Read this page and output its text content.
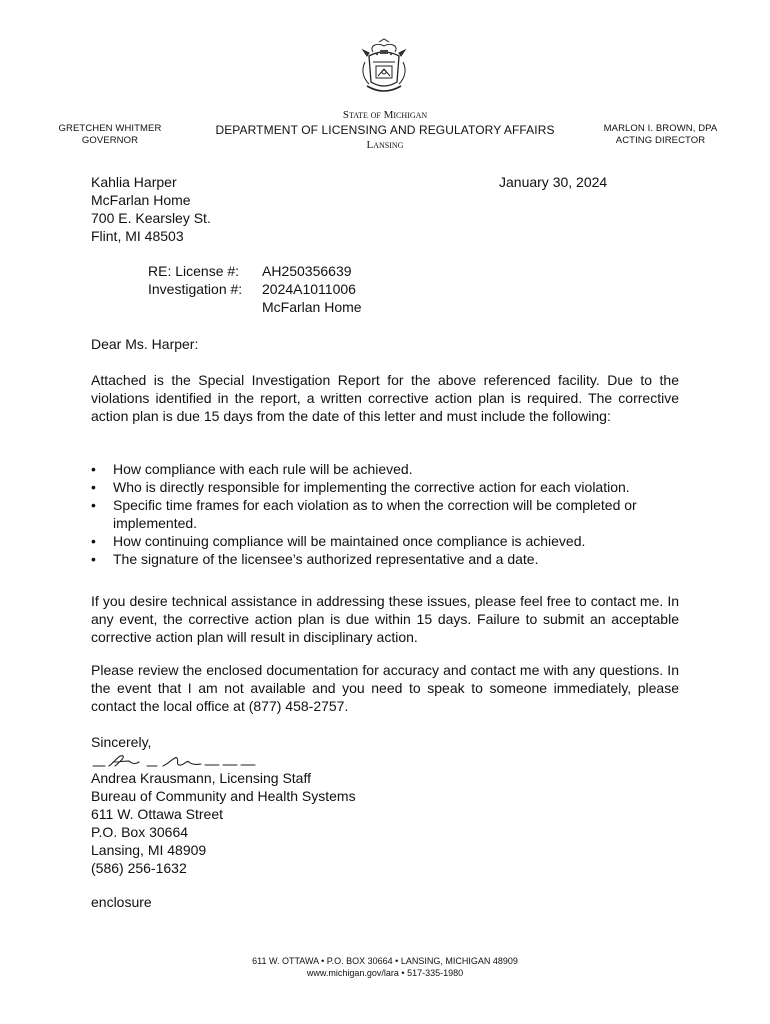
GRETCHEN WHITMER
GOVERNOR
State of Michigan
DEPARTMENT OF LICENSING AND REGULATORY AFFAIRS
Lansing
MARLON I. BROWN, DPA
ACTING DIRECTOR
Kahlia Harper
McFarlan Home
700 E. Kearsley St.
Flint, MI 48503
January 30, 2024
RE: License #:	AH250356639
Investigation #:	2024A1011006
McFarlan Home
Dear Ms. Harper:
Attached is the Special Investigation Report for the above referenced facility. Due to the violations identified in the report, a written corrective action plan is required. The corrective action plan is due 15 days from the date of this letter and must include the following:
• How compliance with each rule will be achieved.
• Who is directly responsible for implementing the corrective action for each violation.
• Specific time frames for each violation as to when the correction will be completed or implemented.
• How continuing compliance will be maintained once compliance is achieved.
• The signature of the licensee’s authorized representative and a date.
If you desire technical assistance in addressing these issues, please feel free to contact me. In any event, the corrective action plan is due within 15 days. Failure to submit an acceptable corrective action plan will result in disciplinary action.
Please review the enclosed documentation for accuracy and contact me with any questions. In the event that I am not available and you need to speak to someone immediately, please contact the local office at (877) 458-2757.
Sincerely,
Andrea Krausmann, Licensing Staff
Bureau of Community and Health Systems
611 W. Ottawa Street
P.O. Box 30664
Lansing, MI 48909
(586) 256-1632
enclosure
611 W. OTTAWA • P.O. BOX 30664 • LANSING, MICHIGAN 48909
www.michigan.gov/lara • 517-335-1980
